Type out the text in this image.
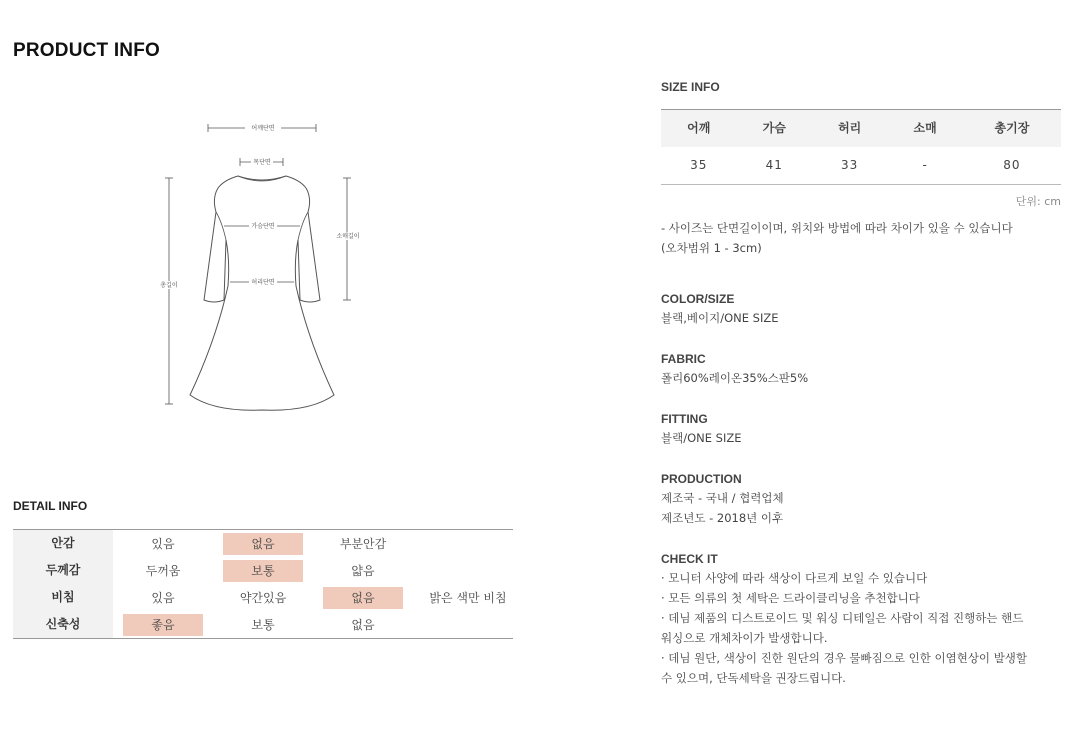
PRODUCT INFO
어깨단면
목단면
가슴단면
허리단면
소매길이
총길이
DETAIL INFO
안감	있음	없음	부분안감
두께감	두꺼움	보통	얇음
비침	있음	약간있음	없음	밝은 색만 비침
신축성	좋음	보통	없음
SIZE INFO
어깨	가슴	허리	소매	총기장
35	41	33	-	80
단위: cm
- 사이즈는 단면길이이며, 위치와 방법에 따라 차이가 있을 수 있습니다
(오차범위 1 - 3cm)
COLOR/SIZE
블랙,베이지/ONE SIZE
FABRIC
폴리60%레이온35%스판5%
FITTING
블랙/ONE SIZE
PRODUCTION
제조국 - 국내 / 협력업체
제조년도 - 2018년 이후
CHECK IT
· 모니터 사양에 따라 색상이 다르게 보일 수 있습니다
· 모든 의류의 첫 세탁은 드라이클리닝을 추천합니다
· 데님 제품의 디스트로이드 및 워싱 디테일은 사람이 직접 진행하는 핸드
워싱으로 개체차이가 발생합니다.
· 데님 원단, 색상이 진한 원단의 경우 물빠짐으로 인한 이염현상이 발생할
수 있으며, 단독세탁을 권장드립니다.
